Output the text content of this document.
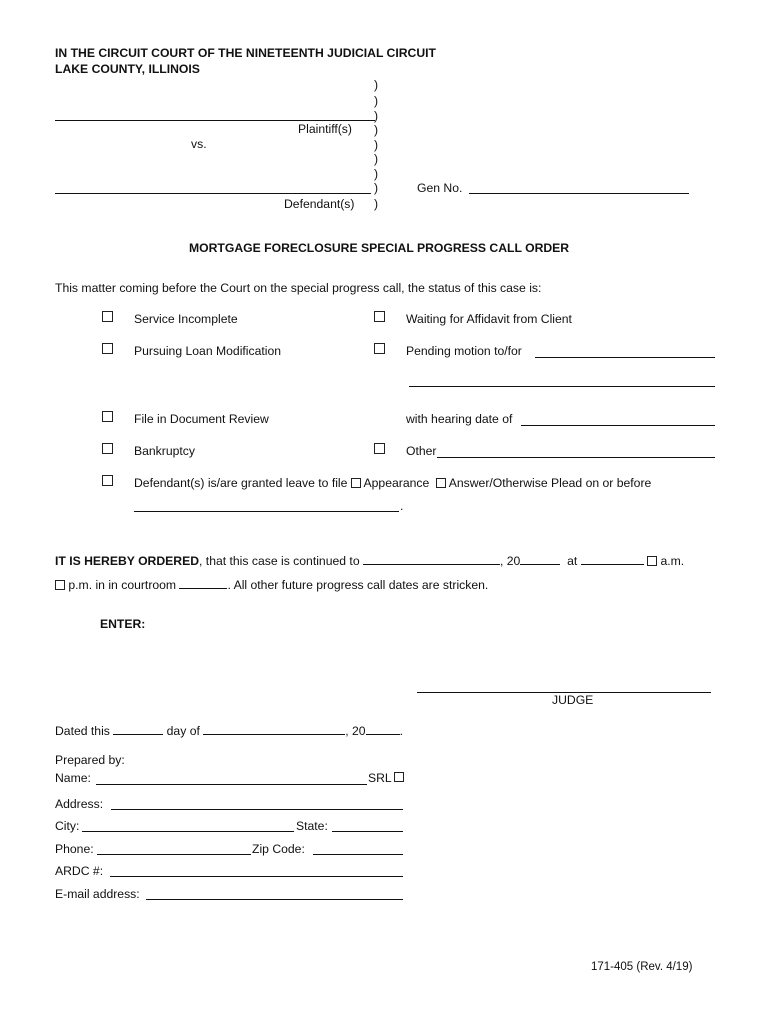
IN THE CIRCUIT COURT OF THE NINETEENTH JUDICIAL CIRCUIT
LAKE COUNTY, ILLINOIS
)
)
)
)
)
)
)
)
)
Plaintiff(s)
vs.
Defendant(s)
Gen No.
MORTGAGE FORECLOSURE SPECIAL PROGRESS CALL ORDER
This matter coming before the Court on the special progress call, the status of this case is:
Service Incomplete	Waiting for Affidavit from Client
Pursuing Loan Modification	Pending motion to/for
File in Document Review	with hearing date of
Bankruptcy	Other
Defendant(s) is/are granted leave to file Appearance Answer/Otherwise Plead on or before
.
IT IS HEREBY ORDERED, that this case is continued to	, 20	at	a.m.
p.m. in in courtroom	. All other future progress call dates are stricken.
ENTER:
JUDGE
Dated this	day of	, 20	.
Prepared by:
Name:	SRL
Address:
City:	State:
Phone:	Zip Code:
ARDC #:
E-mail address:
171-405 (Rev. 4/19)
